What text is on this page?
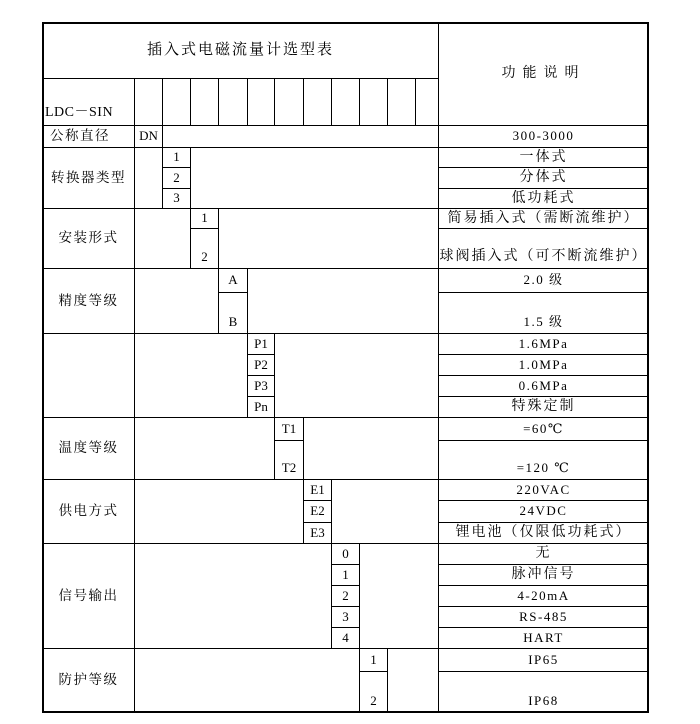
插入式电磁流量计选型表
功能说明
LDC－SIN
公称直径	DN	300-3000
转换器类型
1
2
3
一体式
分体式
低功耗式
安装形式
1
2
简易插入式（需断流维护）
球阀插入式（可不断流维护）
精度等级
A
B
2.0 级
1.5 级
P1
P2
P3
Pn
1.6MPa
1.0MPa
0.6MPa
特殊定制
温度等级
T1
T2
=60℃
=120 ℃
供电方式
E1
E2
E3
220VAC
24VDC
锂电池（仅限低功耗式）
信号输出
0
1
2
3
4
无
脉冲信号
4-20mA
RS-485
HART
防护等级
1
2
IP65
IP68
